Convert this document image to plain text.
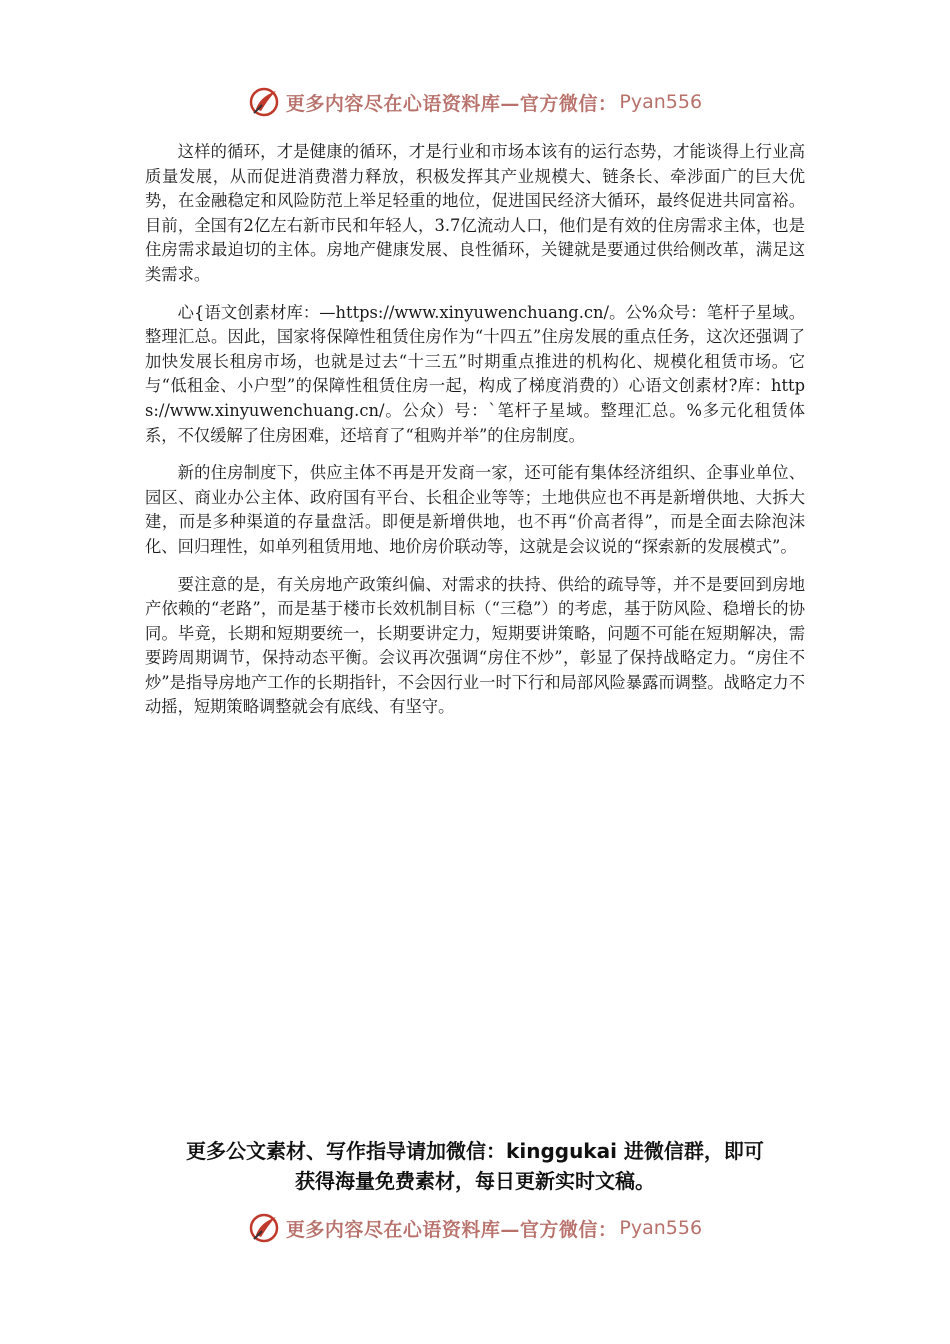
更多内容尽在心语资料库—官方微信： Pyan556

这样的循环，才是健康的循环，才是行业和市场本该有的运行态势，才能谈得上行业高质量发展，从而促进消费潜力释放，积极发挥其产业规模大、链条长、牵涉面广的巨大优势，在金融稳定和风险防范上举足轻重的地位，促进国民经济大循环，最终促进共同富裕。目前，全国有2亿左右新市民和年轻人，3.7亿流动人口，他们是有效的住房需求主体，也是住房需求最迫切的主体。房地产健康发展、良性循环，关键就是要通过供给侧改革，满足这类需求。

心{语文创素材库：—https://www.xinyuwenchuang.cn/。公%众号：笔杆子星域。整理汇总。因此，国家将保障性租赁住房作为“十四五”住房发展的重点任务，这次还强调了加快发展长租房市场，也就是过去“十三五”时期重点推进的机构化、规模化租赁市场。它与“低租金、小户型”的保障性租赁住房一起，构成了梯度消费的）心语文创素材?库：https://www.xinyuwenchuang.cn/。公众）号：`笔杆子星域。整理汇总。%多元化租赁体系，不仅缓解了住房困难，还培育了“租购并举”的住房制度。

新的住房制度下，供应主体不再是开发商一家，还可能有集体经济组织、企事业单位、园区、商业办公主体、政府国有平台、长租企业等等；土地供应也不再是新增供地、大拆大建，而是多种渠道的存量盘活。即便是新增供地，也不再“价高者得”，而是全面去除泡沫化、回归理性，如单列租赁用地、地价房价联动等，这就是会议说的“探索新的发展模式”。

要注意的是，有关房地产政策纠偏、对需求的扶持、供给的疏导等，并不是要回到房地产依赖的“老路”，而是基于楼市长效机制目标（“三稳”）的考虑，基于防风险、稳增长的协同。毕竟，长期和短期要统一，长期要讲定力，短期要讲策略，问题不可能在短期解决，需要跨周期调节，保持动态平衡。会议再次强调“房住不炒”，彰显了保持战略定力。“房住不炒”是指导房地产工作的长期指针，不会因行业一时下行和局部风险暴露而调整。战略定力不动摇，短期策略调整就会有底线、有坚守。

更多公文素材、写作指导请加微信：kinggukai 进微信群，即可
获得海量免费素材，每日更新实时文稿。
更多内容尽在心语资料库—官方微信： Pyan556
